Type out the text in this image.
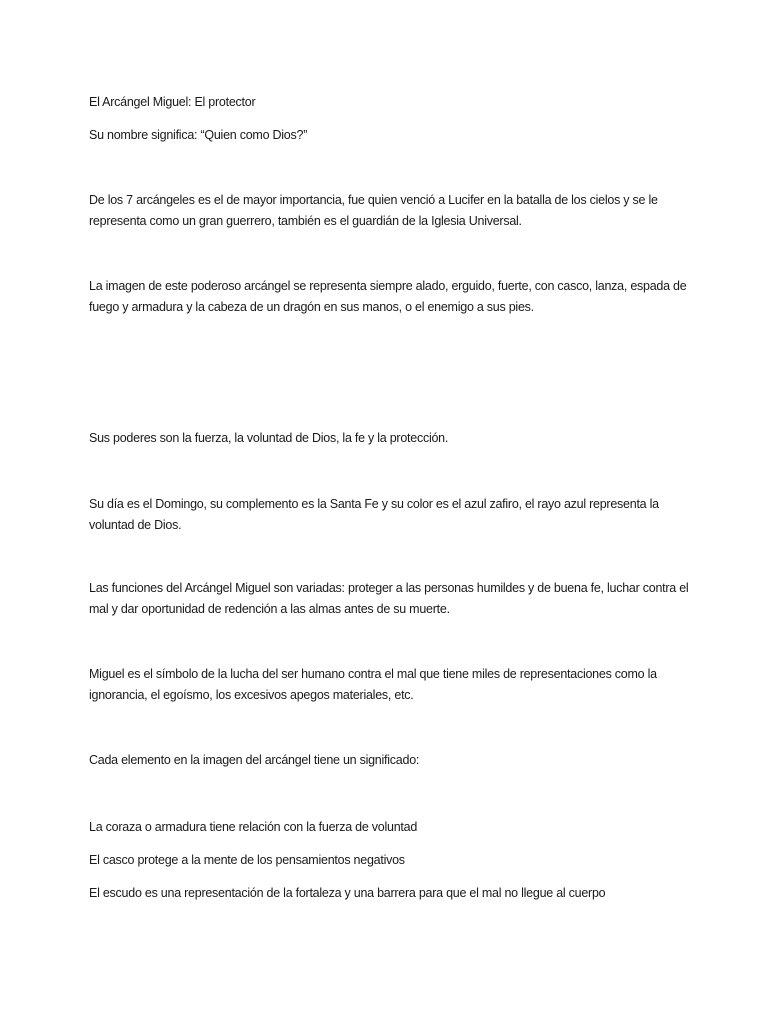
El Arcángel Miguel: El protector

Su nombre significa: “Quien como Dios?”

De los 7 arcángeles es el de mayor importancia, fue quien venció a Lucifer en la batalla de los cielos y se le representa como un gran guerrero, también es el guardián de la Iglesia Universal.

La imagen de este poderoso arcángel se representa siempre alado, erguido, fuerte, con casco, lanza, espada de fuego y armadura y la cabeza de un dragón en sus manos, o el enemigo a sus pies.

Sus poderes son la fuerza, la voluntad de Dios, la fe y la protección.

Su día es el Domingo, su complemento es la Santa Fe y su color es el azul zafiro, el rayo azul representa la voluntad de Dios.

Las funciones del Arcángel Miguel son variadas: proteger a las personas humildes y de buena fe, luchar contra el mal y dar oportunidad de redención a las almas antes de su muerte.

Miguel es el símbolo de la lucha del ser humano contra el mal que tiene miles de representaciones como la ignorancia, el egoísmo, los excesivos apegos materiales, etc.

Cada elemento en la imagen del arcángel tiene un significado:

La coraza o armadura tiene relación con la fuerza de voluntad

El casco protege a la mente de los pensamientos negativos

El escudo es una representación de la fortaleza y una barrera para que el mal no llegue al cuerpo
